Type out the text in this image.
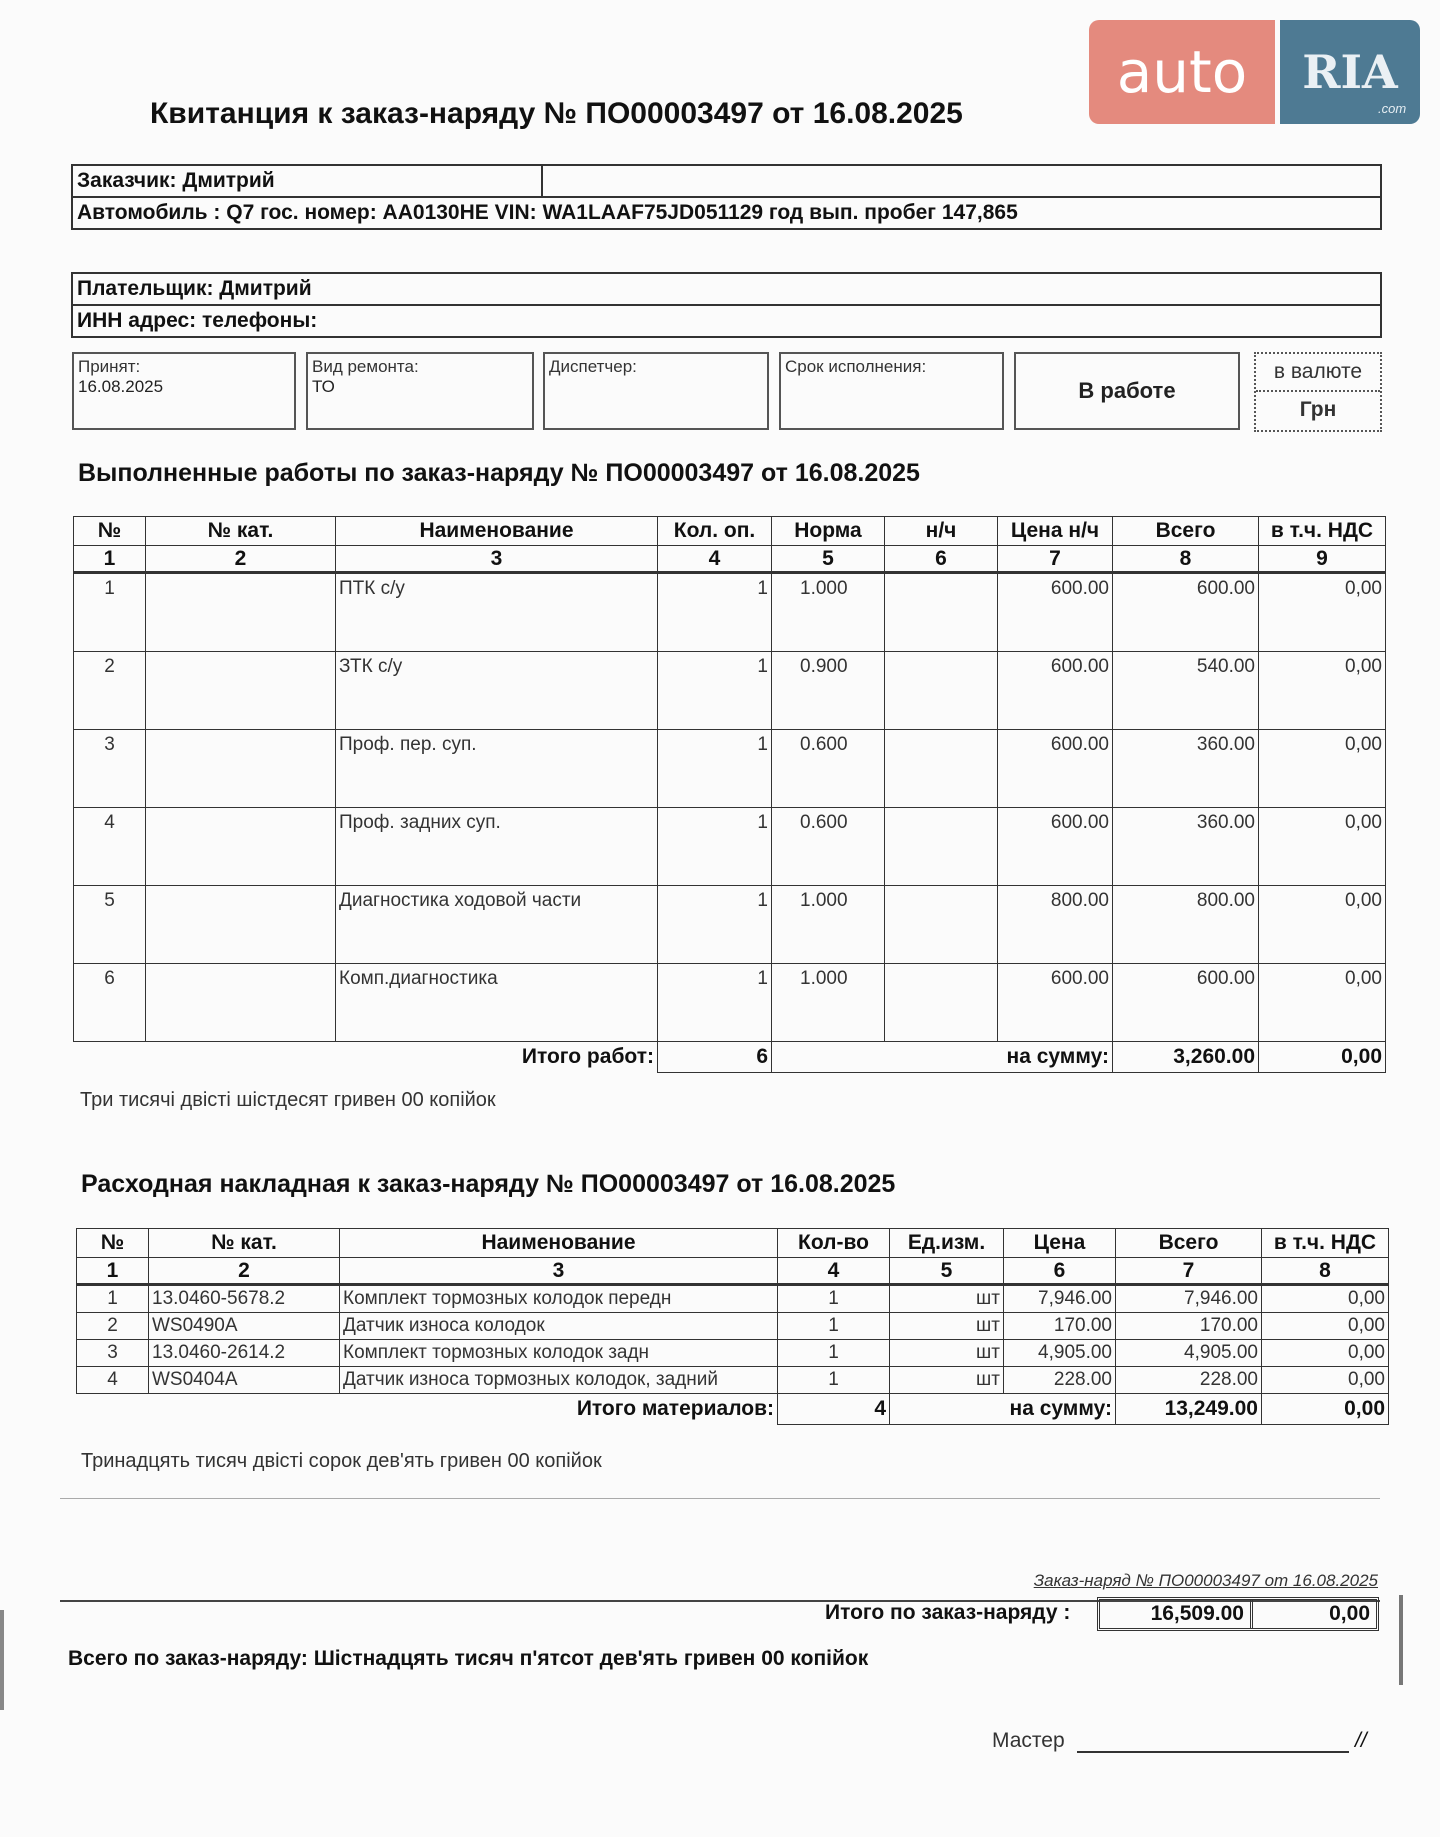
auto	RIA
.com
Квитанция к заказ-наряду № ПО00003497 от 16.08.2025
Заказчик: Дмитрий
Автомобиль : Q7 гос. номер: AA0130HE VIN: WA1LAAF75JD051129 год вып. пробег 147,865
Плательщик: Дмитрий
ИНН адрес: телефоны:
Принят:
16.08.2025
Вид ремонта:
ТО
Диспетчер:	Срок исполнения:
В работе
в валюте
Грн
Выполненные работы по заказ-наряду № ПО00003497 от 16.08.2025
№	№ кат.	Наименование	Кол. оп.	Норма	н/ч	Цена н/ч	Всего	в т.ч. НДС
1	2	3	4	5	6	7	8	9
1		ПТК с/у	1	1.000		600.00	600.00	0,00
2		ЗТК с/у	1	0.900		600.00	540.00	0,00
3		Проф. пер. суп.	1	0.600		600.00	360.00	0,00
4		Проф. задних суп.	1	0.600		600.00	360.00	0,00
5		Диагностика ходовой части	1	1.000		800.00	800.00	0,00
6		Комп.диагностика	1	1.000		600.00	600.00	0,00
Итого работ:			6	на сумму:			3,260.00	0,00
Три тисячі двісті шістдесят гривен 00 копійок
Расходная накладная к заказ-наряду № ПО00003497 от 16.08.2025
№	№ кат.	Наименование	Кол-во	Ед.изм.	Цена	Всего	в т.ч. НДС
1	2	3	4	5	6	7	8
1	13.0460-5678.2	Комплект тормозных колодок передн	1	шт	7,946.00	7,946.00	0,00
2	WS0490A	Датчик износа колодок	1	шт	170.00	170.00	0,00
3	13.0460-2614.2	Комплект тормозных колодок задн	1	шт	4,905.00	4,905.00	0,00
4	WS0404A	Датчик износа тормозных колодок, задний	1	шт	228.00	228.00	0,00
Итого материалов:			4	на сумму:		13,249.00	0,00
Тринадцять тисяч двісті сорок дев'ять гривен 00 копійок
Заказ-наряд № ПО00003497 от 16.08.2025
Итого по заказ-наряду :	16,509.00	0,00
Всего по заказ-наряду: Шістнадцять тисяч п'ятсот дев'ять гривен 00 копійок
Мастер	//
